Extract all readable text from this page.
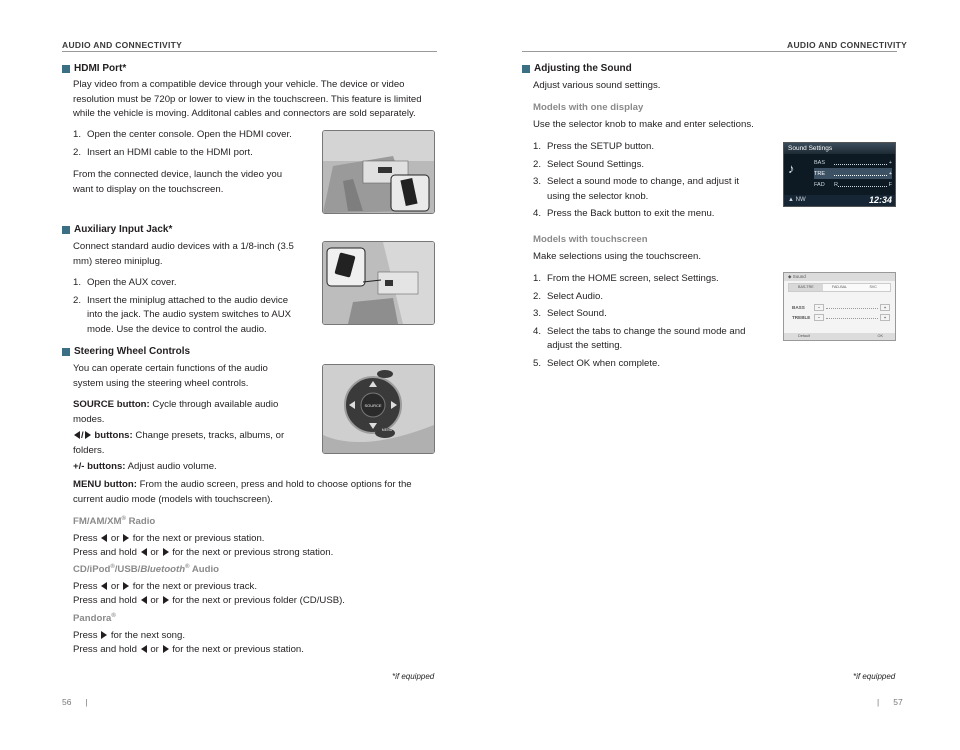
AUDIO AND CONNECTIVITY
HDMI Port*
Play video from a compatible device through your vehicle. The device or video resolution must be 720p or lower to view in the touchscreen. This feature is limited while the vehicle is moving. Additonal cables and connectors are sold separately.
1. Open the center console. Open the HDMI cover.
2. Insert an HDMI cable to the HDMI port.
From the connected device, launch the video you want to display on the touchscreen.
Auxiliary Input Jack*
Connect standard audio devices with a 1/8-inch (3.5 mm) stereo miniplug.
1. Open the AUX cover.
2. Insert the miniplug attached to the audio device into the jack. The audio system switches to AUX mode. Use the device to control the audio.
Steering Wheel Controls
You can operate certain functions of the audio system using the steering wheel controls.
SOURCE button: Cycle through available audio modes.
/ buttons: Change presets, tracks, albums, or folders.
+/- buttons: Adjust audio volume.
MENU button: From the audio screen, press and hold to choose options for the current audio mode (models with touchscreen).
SOURCE
MENU
FM/AM/XM® Radio
Press or for the next or previous station.
Press and hold or for the next or previous strong station.
CD/iPod®/USB/Bluetooth® Audio
Press or for the next or previous track.
Press and hold or for the next or previous folder (CD/USB).
Pandora®
Press for the next song.
Press and hold or for the next or previous station.
*if equipped
56 |
AUDIO AND CONNECTIVITY
Adjusting the Sound
Adjust various sound settings.
Models with one display
Use the selector knob to make and enter selections.
1. Press the SETUP button.
2. Select Sound Settings.
3. Select a sound mode to change, and adjust it using the selector knob.
4. Press the Back button to exit the menu.
Sound Settings
♪	BAS	+
TRE	+
FAD	R	F
▲ NW	12:34
Models with touchscreen
Make selections using the touchscreen.
1. From the HOME screen, select Settings.
2. Select Audio.
3. Select Sound.
4. Select the tabs to change the sound mode and adjust the setting.
5. Select OK when complete.
◆ Sound
BAS-TRE	FAD-BAL	SVC
BASS	−	+
TREBLE	−	+
Default	OK
*if equipped
| 57
